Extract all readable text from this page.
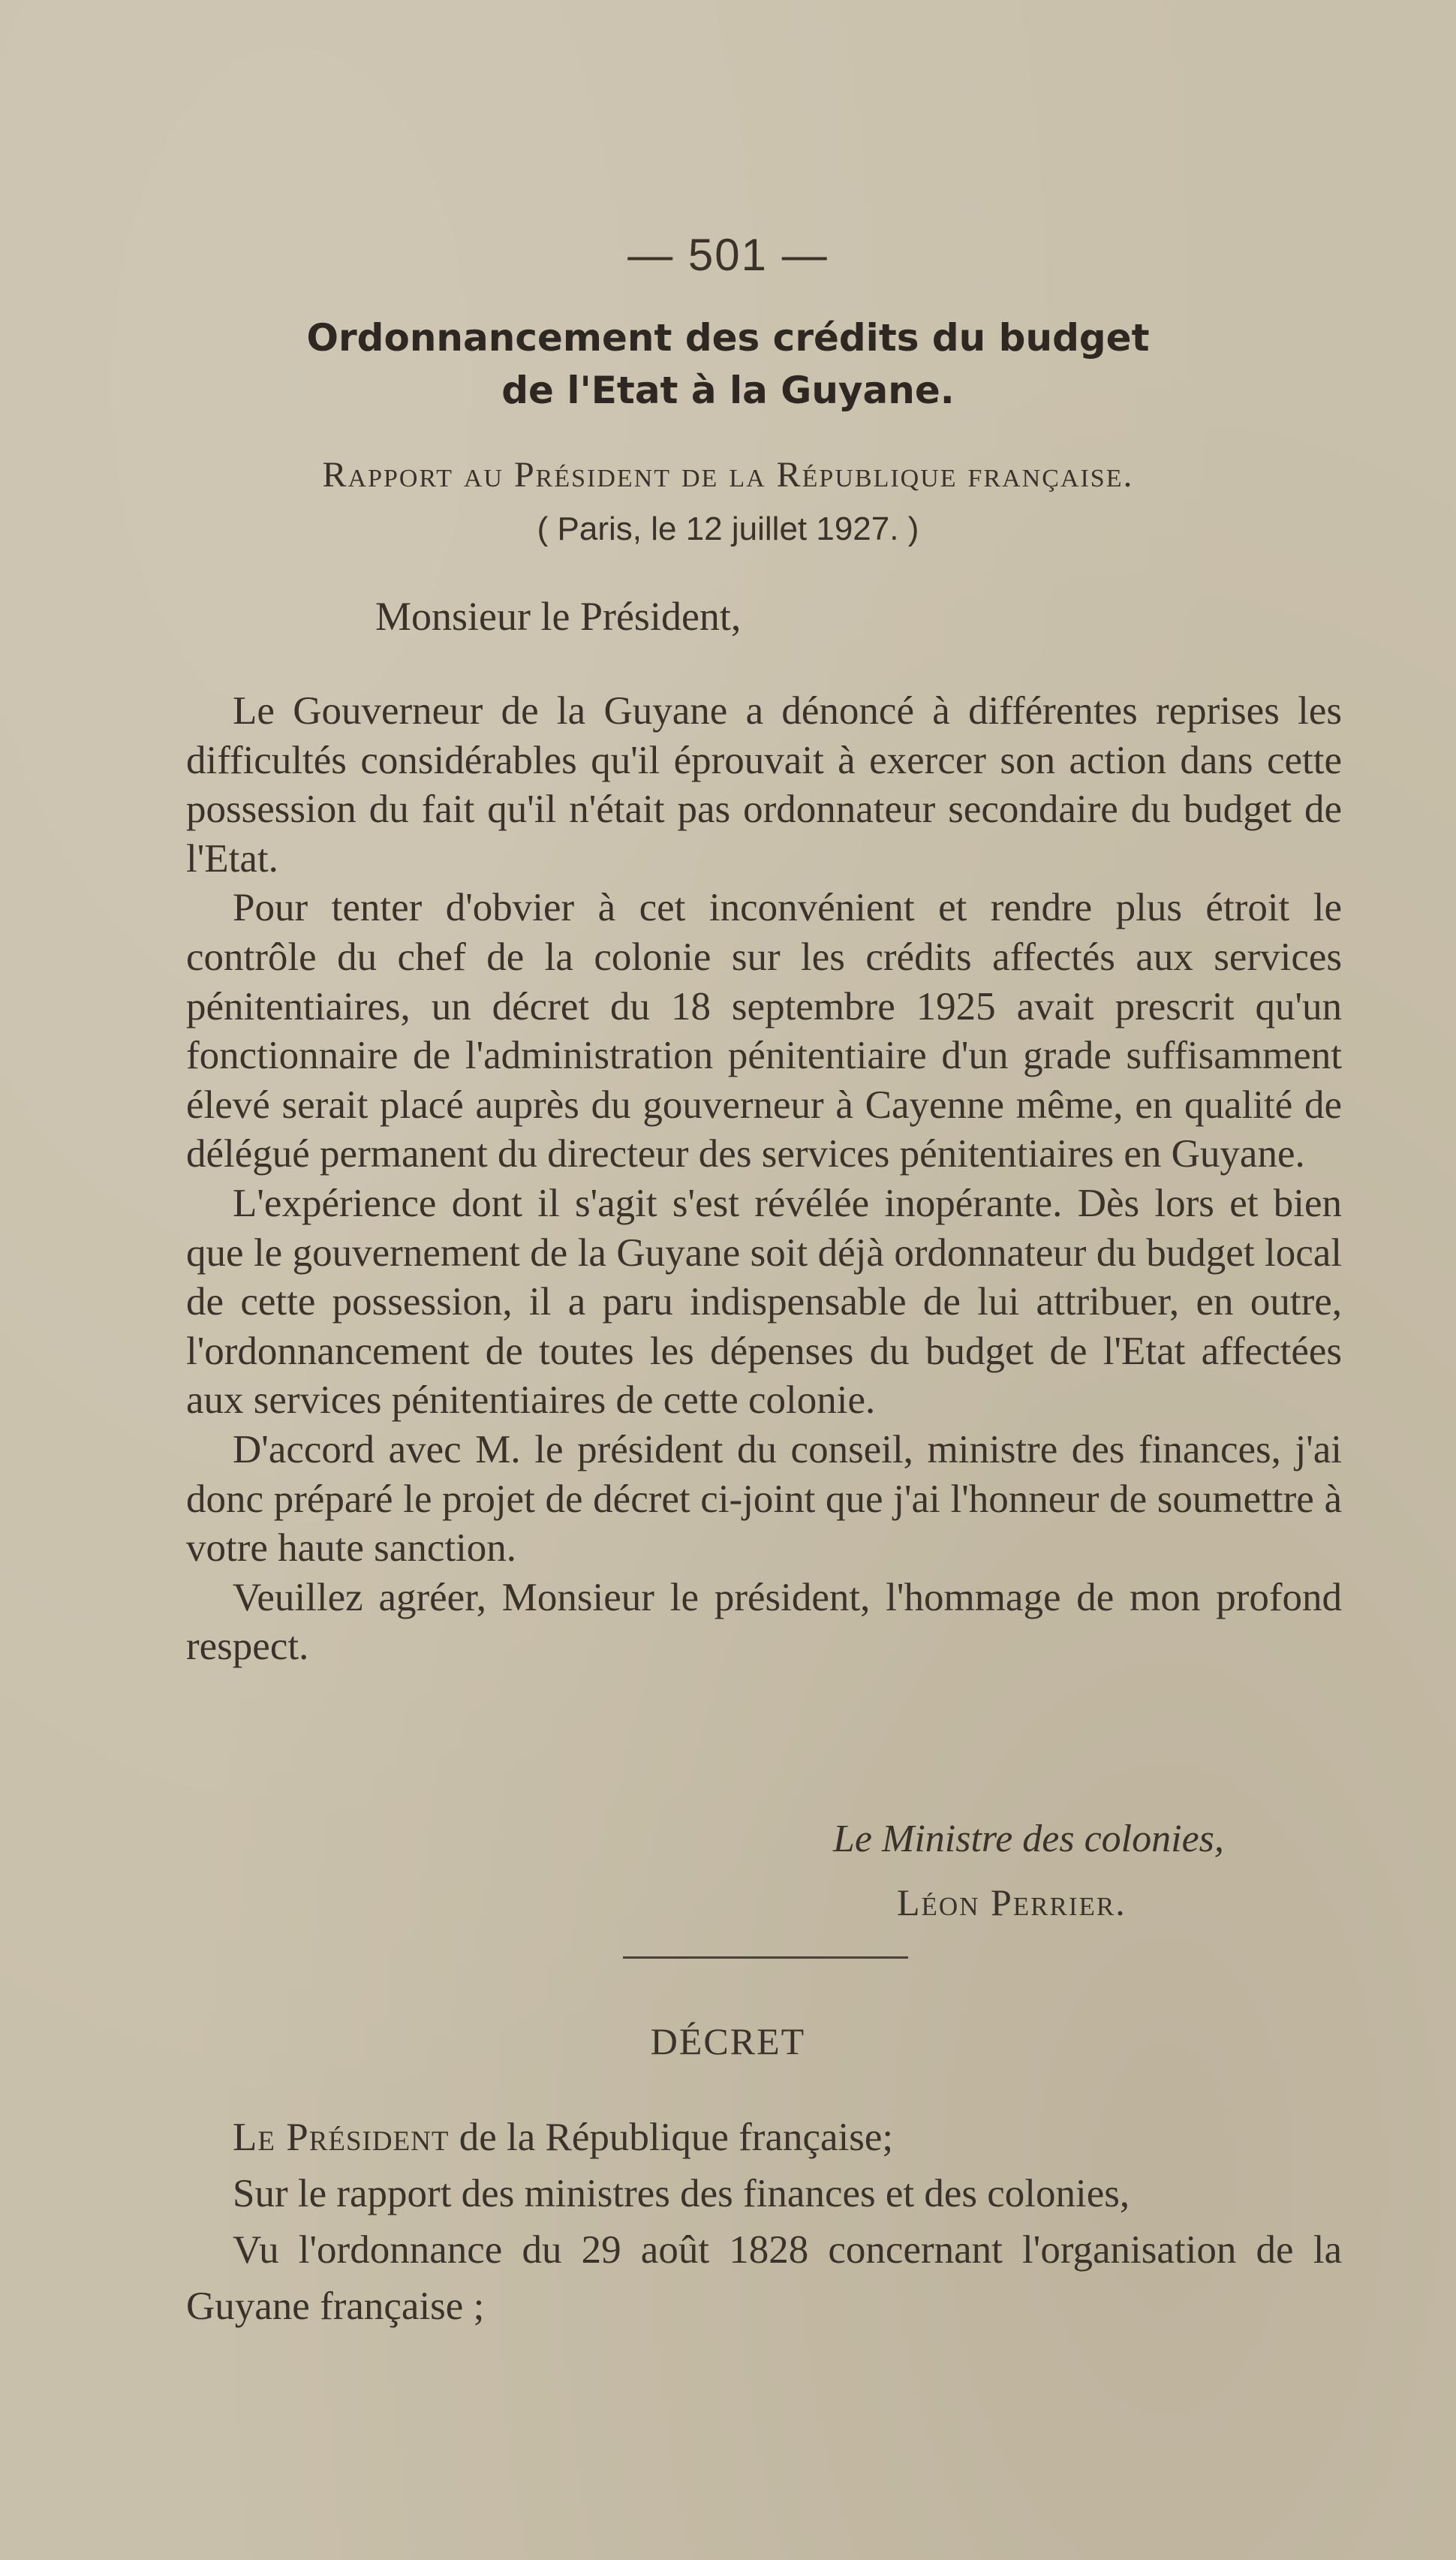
— 501 —
Ordonnancement des crédits du budget
de l'Etat à la Guyane.
Rapport au Président de la République française.
( Paris, le 12 juillet 1927. )
Monsieur le Président,

Le Gouverneur de la Guyane a dénoncé à différentes reprises les difficultés considérables qu'il éprouvait à exercer son action dans cette possession du fait qu'il n'était pas ordonnateur secondaire du budget de l'Etat.

Pour tenter d'obvier à cet inconvénient et rendre plus étroit le contrôle du chef de la colonie sur les crédits affectés aux services pénitentiaires, un décret du 18 septembre 1925 avait prescrit qu'un fonctionnaire de l'administration pénitentiaire d'un grade suffisamment élevé serait placé auprès du gouverneur à Cayenne même, en qualité de délégué permanent du directeur des services pénitentiaires en Guyane.

L'expérience dont il s'agit s'est révélée inopérante. Dès lors et bien que le gouvernement de la Guyane soit déjà ordonnateur du budget local de cette possession, il a paru indispensable de lui attribuer, en outre, l'ordonnancement de toutes les dépenses du budget de l'Etat affectées aux services pénitentiaires de cette colonie.

D'accord avec M. le président du conseil, ministre des finances, j'ai donc préparé le projet de décret ci-joint que j'ai l'honneur de soumettre à votre haute sanction.

Veuillez agréer, Monsieur le président, l'hommage de mon profond respect.

Le Ministre des colonies,
Léon Perrier.
DÉCRET

Le Président de la République française;

Sur le rapport des ministres des finances et des colonies,

Vu l'ordonnance du 29 août 1828 concernant l'organisation de la Guyane française ;
